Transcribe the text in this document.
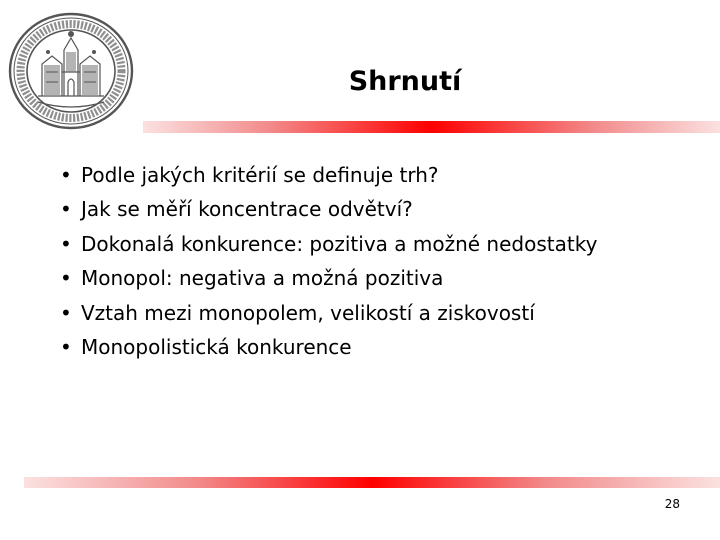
Shrnutí
• Podle jakých kritérií se definuje trh?
• Jak se měří koncentrace odvětví?
• Dokonalá konkurence: pozitiva a možné nedostatky
• Monopol: negativa a možná pozitiva
• Vztah mezi monopolem, velikostí a ziskovostí
• Monopolistická konkurence
28
